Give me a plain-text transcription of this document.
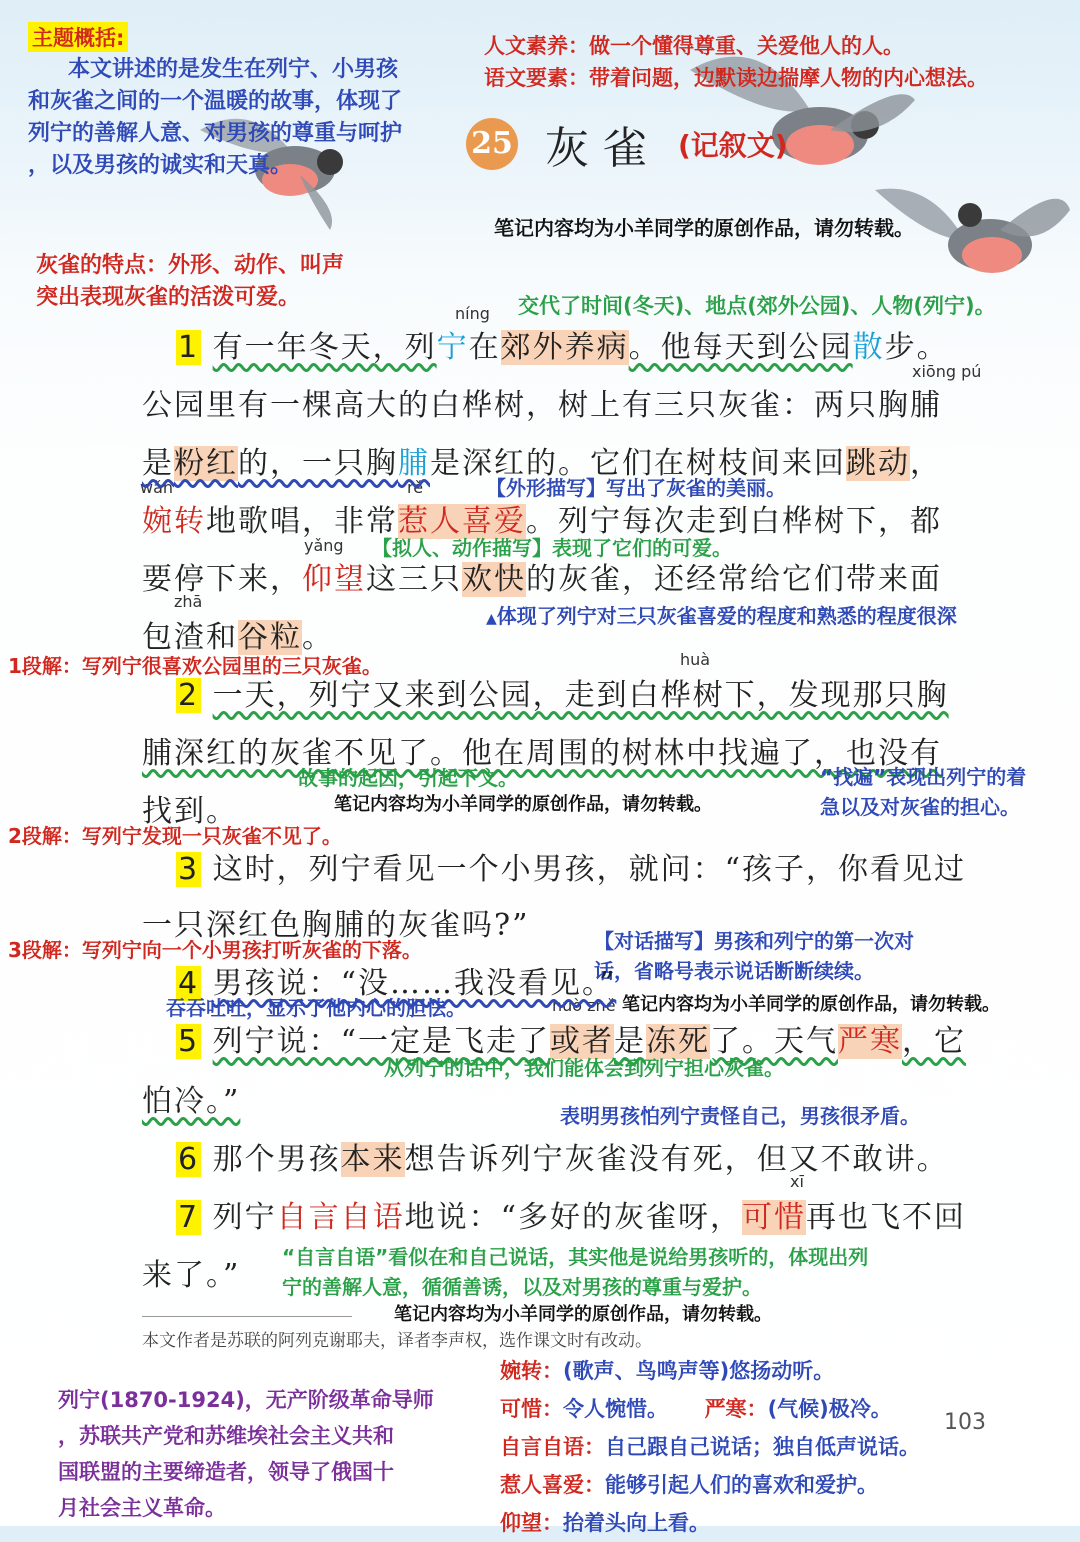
主题概括:
本文讲述的是发生在列宁、小男孩
和灰雀之间的一个温暖的故事，体现了
列宁的善解人意、对男孩的尊重与呵护
，以及男孩的诚实和天真。
人文素养：做一个懂得尊重、关爱他人的人。
语文要素：带着问题，边默读边揣摩人物的内心想法。
25 灰 雀 (记叙文)
笔记内容均为小羊同学的原创作品，请勿转载。
灰雀的特点：外形、动作、叫声
突出表现灰雀的活泼可爱。	交代了时间(冬天)、地点(郊外公园)、人物(列宁)。
níng
xiōng pú
wǎn	rě
yǎng
zhā
huà
huò zhě
xī
1 有一年冬天，列宁在郊外养病。他每天到公园散步。
公园里有一棵高大的白桦树，树上有三只灰雀：两只胸脯
是粉红的，一只胸脯是深红的。它们在树枝间来回跳动，
婉转地歌唱，非常惹人喜爱。列宁每次走到白桦树下，都
要停下来，仰望这三只欢快的灰雀，还经常给它们带来面
包渣和谷粒。
【外形描写】写出了灰雀的美丽。
【拟人、动作描写】表现了它们的可爱。
▲体现了列宁对三只灰雀喜爱的程度和熟悉的程度很深
1段解：写列宁很喜欢公园里的三只灰雀。
2 一天，列宁又来到公园，走到白桦树下，发现那只胸
脯深红的灰雀不见了。他在周围的树林中找遍了，也没有
找到。
故事的起因，引起下文。
笔记内容均为小羊同学的原创作品，请勿转载。
“找遍”表现出列宁的着
急以及对灰雀的担心。
2段解：写列宁发现一只灰雀不见了。
3 这时，列宁看见一个小男孩，就问：“孩子，你看见过
一只深红色胸脯的灰雀吗?”
3段解：写列宁向一个小男孩打听灰雀的下落。	【对话描写】男孩和列宁的第一次对
话，省略号表示说话断断续续。
4 男孩说：“没……我没看见。”
吞吞吐吐，显示了他内心的胆怯。	笔记内容均为小羊同学的原创作品，请勿转载。
5 列宁说：“一定是飞走了或者是冻死了。天气严寒，它
从列宁的话中，我们能体会到列宁担心灰雀。
怕冷。”	表明男孩怕列宁责怪自己，男孩很矛盾。
6 那个男孩本来想告诉列宁灰雀没有死，但又不敢讲。
7 列宁自言自语地说：“多好的灰雀呀，可惜再也飞不回
来了。”
“自言自语”看似在和自己说话，其实他是说给男孩听的，体现出列
宁的善解人意，循循善诱，以及对男孩的尊重与爱护。
笔记内容均为小羊同学的原创作品，请勿转载。
本文作者是苏联的阿列克谢耶夫，译者李声权，选作课文时有改动。
列宁(1870-1924)，无产阶级革命导师
，苏联共产党和苏维埃社会主义共和
国联盟的主要缔造者，领导了俄国十
月社会主义革命。
婉转：(歌声、鸟鸣声等)悠扬动听。
可惜：令人惋惜。 严寒：(气候)极冷。
自言自语：自己跟自己说话；独自低声说话。
惹人喜爱：能够引起人们的喜欢和爱护。
仰望：抬着头向上看。
103
